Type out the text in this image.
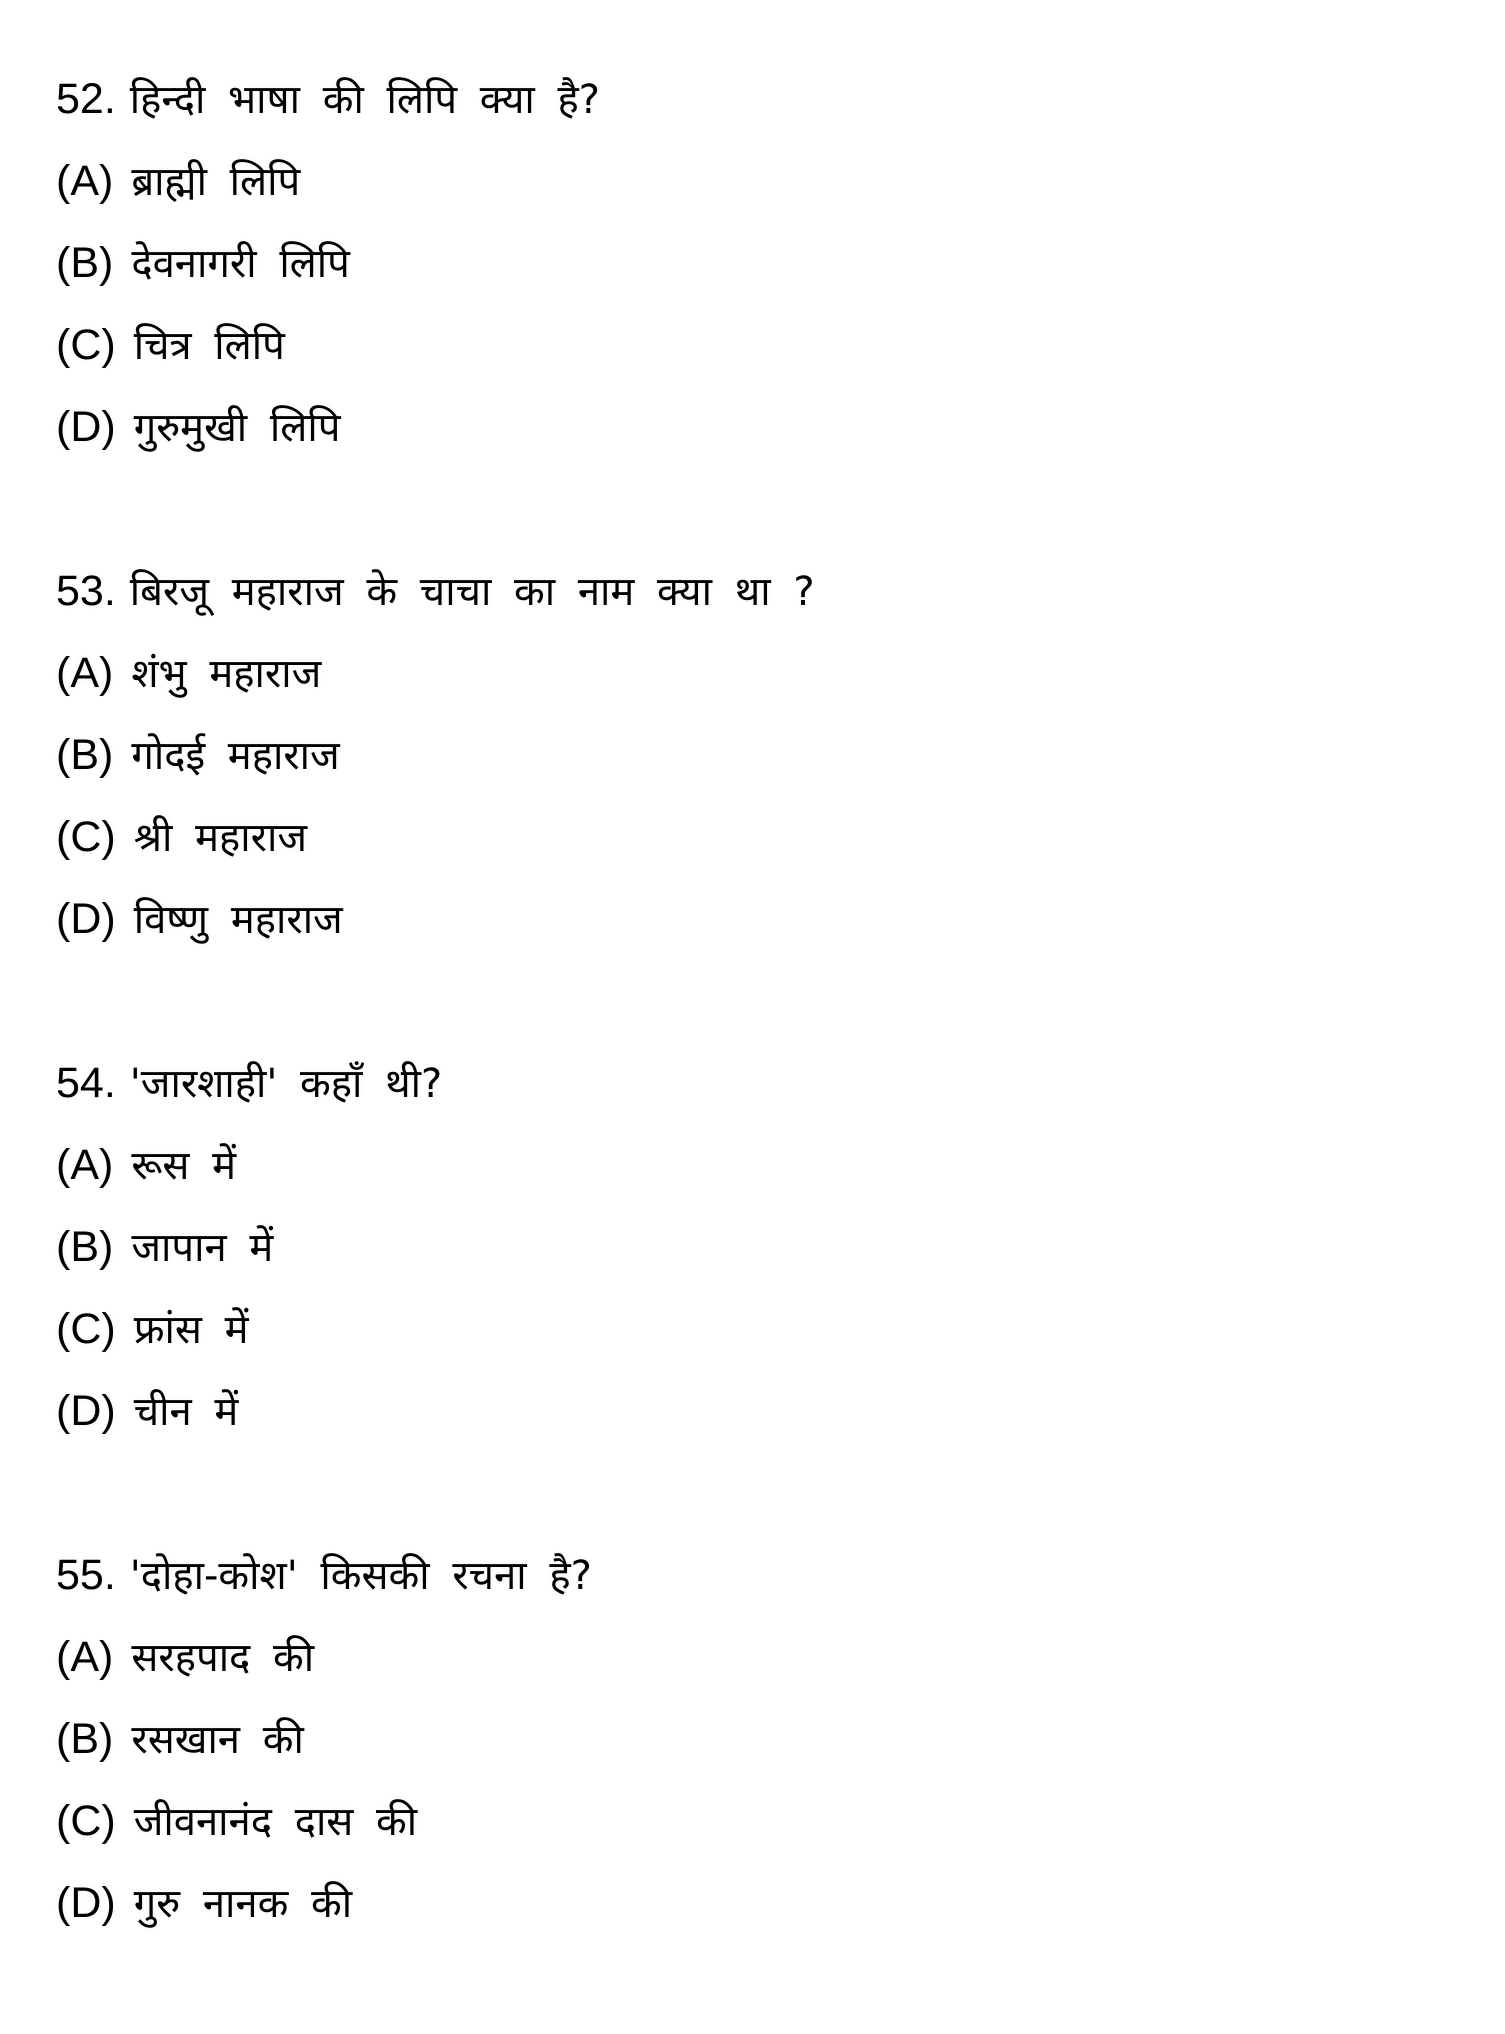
52. हिन्दी भाषा की लिपि क्या है?
(A) ब्राह्मी लिपि
(B) देवनागरी लिपि
(C) चित्र लिपि
(D) गुरुमुखी लिपि
53. बिरजू महाराज के चाचा का नाम क्या था ?
(A) शंभु महाराज
(B) गोदई महाराज
(C) श्री महाराज
(D) विष्णु महाराज
54. 'जारशाही' कहाँ थी?
(A) रूस में
(B) जापान में
(C) फ्रांस में
(D) चीन में
55. 'दोहा-कोश' किसकी रचना है?
(A) सरहपाद की
(B) रसखान की
(C) जीवनानंद दास की
(D) गुरु नानक की
